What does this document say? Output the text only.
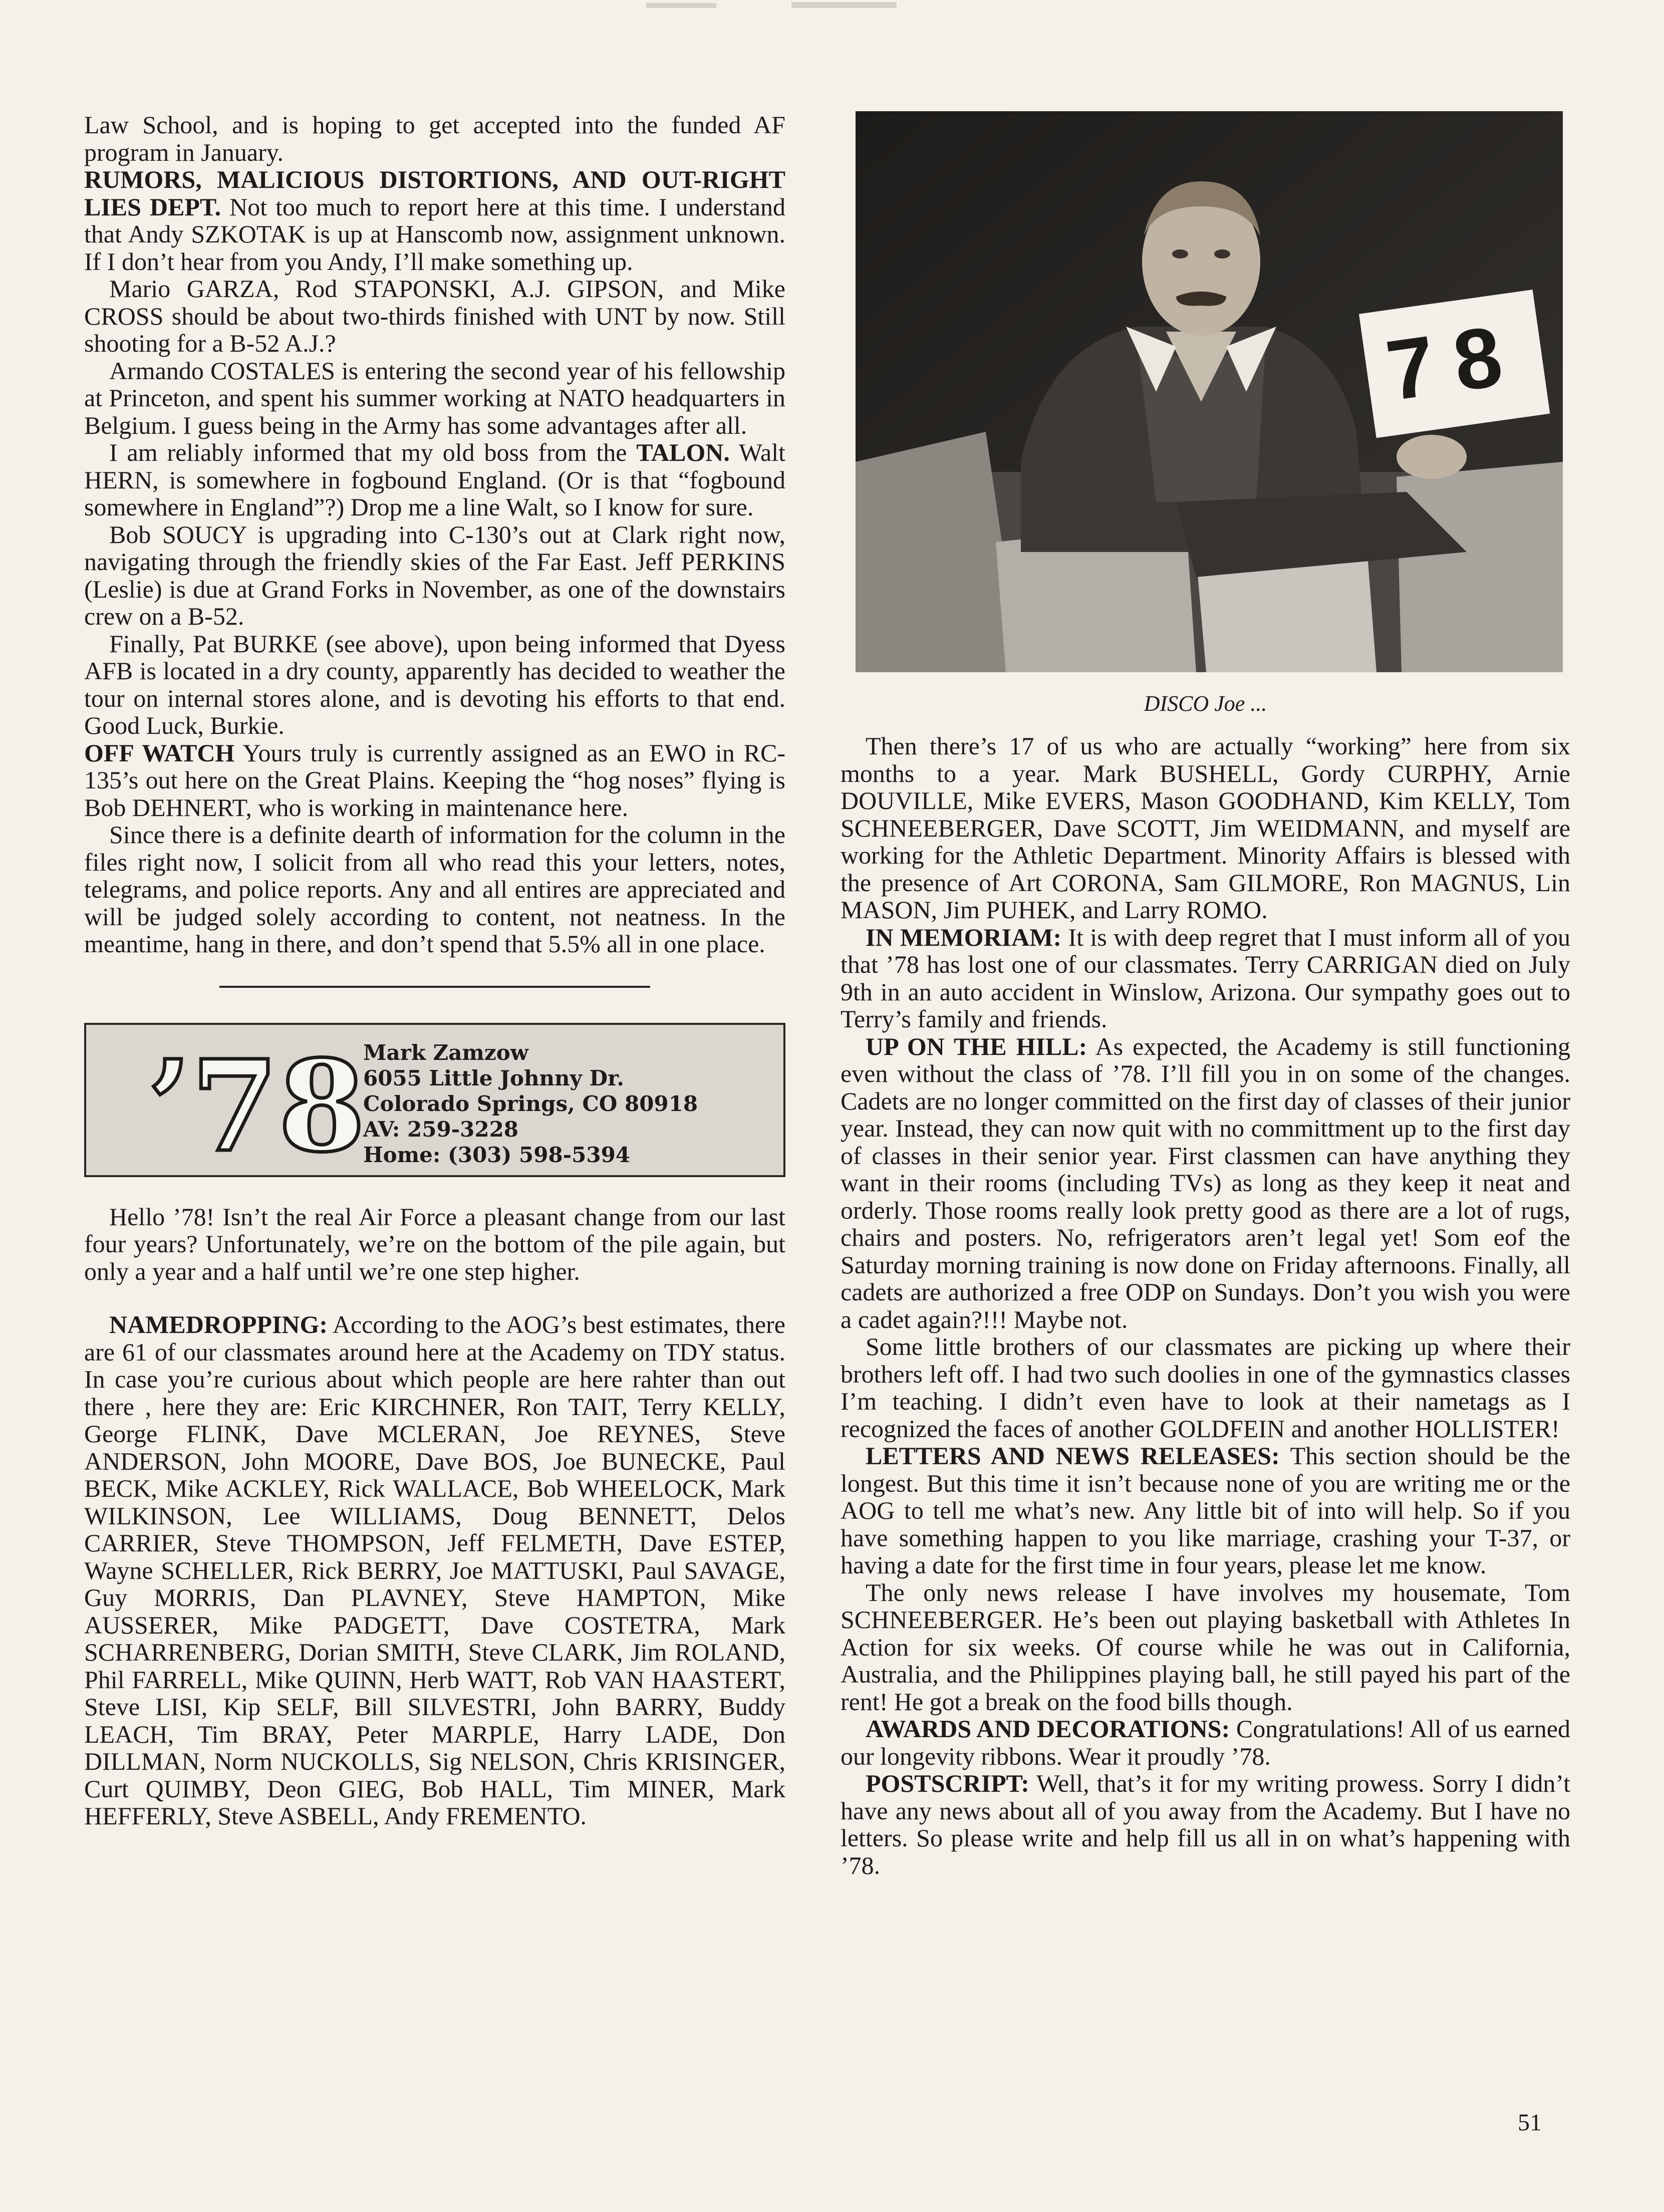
Law School, and is hoping to get accepted into the funded AF program in January.

RUMORS, MALICIOUS DISTORTIONS, AND OUT-RIGHT LIES DEPT. Not too much to report here at this time. I understand that Andy SZKOTAK is up at Hanscomb now, assignment unknown. If I don’t hear from you Andy, I’ll make something up.

Mario GARZA, Rod STAPONSKI, A.J. GIPSON, and Mike CROSS should be about two-thirds finished with UNT by now. Still shooting for a B-52 A.J.?

Armando COSTALES is entering the second year of his fellowship at Princeton, and spent his summer working at NATO headquarters in Belgium. I guess being in the Army has some advantages after all.

I am reliably informed that my old boss from the TALON. Walt HERN, is somewhere in fogbound England. (Or is that “fogbound somewhere in England”?) Drop me a line Walt, so I know for sure.

Bob SOUCY is upgrading into C-130’s out at Clark right now, navigating through the friendly skies of the Far East. Jeff PERKINS (Leslie) is due at Grand Forks in November, as one of the downstairs crew on a B-52.

Finally, Pat BURKE (see above), upon being informed that Dyess AFB is located in a dry county, apparently has decided to weather the tour on internal stores alone, and is devoting his efforts to that end. Good Luck, Burkie.

OFF WATCH Yours truly is currently assigned as an EWO in RC-135’s out here on the Great Plains. Keeping the “hog noses” flying is Bob DEHNERT, who is working in maintenance here.

Since there is a definite dearth of information for the column in the files right now, I solicit from all who read this your letters, notes, telegrams, and police reports. Any and all entires are appreciated and will be judged solely according to content, not neatness. In the meantime, hang in there, and don’t spend that 5.5% all in one place.

’78
Mark Zamzow
6055 Little Johnny Dr.
Colorado Springs, CO 80918
AV: 259-3228
Home: (303) 598-5394

Hello ’78! Isn’t the real Air Force a pleasant change from our last four years? Unfortunately, we’re on the bottom of the pile again, but only a year and a half until we’re one step higher.

NAMEDROPPING: According to the AOG’s best estimates, there are 61 of our classmates around here at the Academy on TDY status. In case you’re curious about which people are here rahter than out there , here they are: Eric KIRCHNER, Ron TAIT, Terry KELLY, George FLINK, Dave MCLERAN, Joe REYNES, Steve ANDERSON, John MOORE, Dave BOS, Joe BUNECKE, Paul BECK, Mike ACKLEY, Rick WALLACE, Bob WHEELOCK, Mark WILKINSON, Lee WILLIAMS, Doug BENNETT, Delos CARRIER, Steve THOMPSON, Jeff FELMETH, Dave ESTEP, Wayne SCHELLER, Rick BERRY, Joe MATTUSKI, Paul SAVAGE, Guy MORRIS, Dan PLAVNEY, Steve HAMPTON, Mike AUSSERER, Mike PADGETT, Dave COSTETRA, Mark SCHARRENBERG, Dorian SMITH, Steve CLARK, Jim ROLAND, Phil FARRELL, Mike QUINN, Herb WATT, Rob VAN HAASTERT, Steve LISI, Kip SELF, Bill SILVESTRI, John BARRY, Buddy LEACH, Tim BRAY, Peter MARPLE, Harry LADE, Don DILLMAN, Norm NUCKOLLS, Sig NELSON, Chris KRISINGER, Curt QUIMBY, Deon GIEG, Bob HALL, Tim MINER, Mark HEFFERLY, Steve ASBELL, Andy FREMENTO.

78
DISCO Joe ...

Then there’s 17 of us who are actually “working” here from six months to a year. Mark BUSHELL, Gordy CURPHY, Arnie DOUVILLE, Mike EVERS, Mason GOODHAND, Kim KELLY, Tom SCHNEEBERGER, Dave SCOTT, Jim WEIDMANN, and myself are working for the Athletic Department. Minority Affairs is blessed with the presence of Art CORONA, Sam GILMORE, Ron MAGNUS, Lin MASON, Jim PUHEK, and Larry ROMO.

IN MEMORIAM: It is with deep regret that I must inform all of you that ’78 has lost one of our classmates. Terry CARRIGAN died on July 9th in an auto accident in Winslow, Arizona. Our sympathy goes out to Terry’s family and friends.

UP ON THE HILL: As expected, the Academy is still functioning even without the class of ’78. I’ll fill you in on some of the changes. Cadets are no longer committed on the first day of classes of their junior year. Instead, they can now quit with no committment up to the first day of classes in their senior year. First classmen can have anything they want in their rooms (including TVs) as long as they keep it neat and orderly. Those rooms really look pretty good as there are a lot of rugs, chairs and posters. No, refrigerators aren’t legal yet! Som eof the Saturday morning training is now done on Friday afternoons. Finally, all cadets are authorized a free ODP on Sundays. Don’t you wish you were a cadet again?!!! Maybe not.

Some little brothers of our classmates are picking up where their brothers left off. I had two such doolies in one of the gymnastics classes I’m teaching. I didn’t even have to look at their nametags as I recognized the faces of another GOLDFEIN and another HOLLISTER!

LETTERS AND NEWS RELEASES: This section should be the longest. But this time it isn’t because none of you are writing me or the AOG to tell me what’s new. Any little bit of into will help. So if you have something happen to you like marriage, crashing your T-37, or having a date for the first time in four years, please let me know.

The only news release I have involves my housemate, Tom SCHNEEBERGER. He’s been out playing basketball with Athletes In Action for six weeks. Of course while he was out in California, Australia, and the Philippines playing ball, he still payed his part of the rent! He got a break on the food bills though.

AWARDS AND DECORATIONS: Congratulations! All of us earned our longevity ribbons. Wear it proudly ’78.

POSTSCRIPT: Well, that’s it for my writing prowess. Sorry I didn’t have any news about all of you away from the Academy. But I have no letters. So please write and help fill us all in on what’s happening with ’78.

51
